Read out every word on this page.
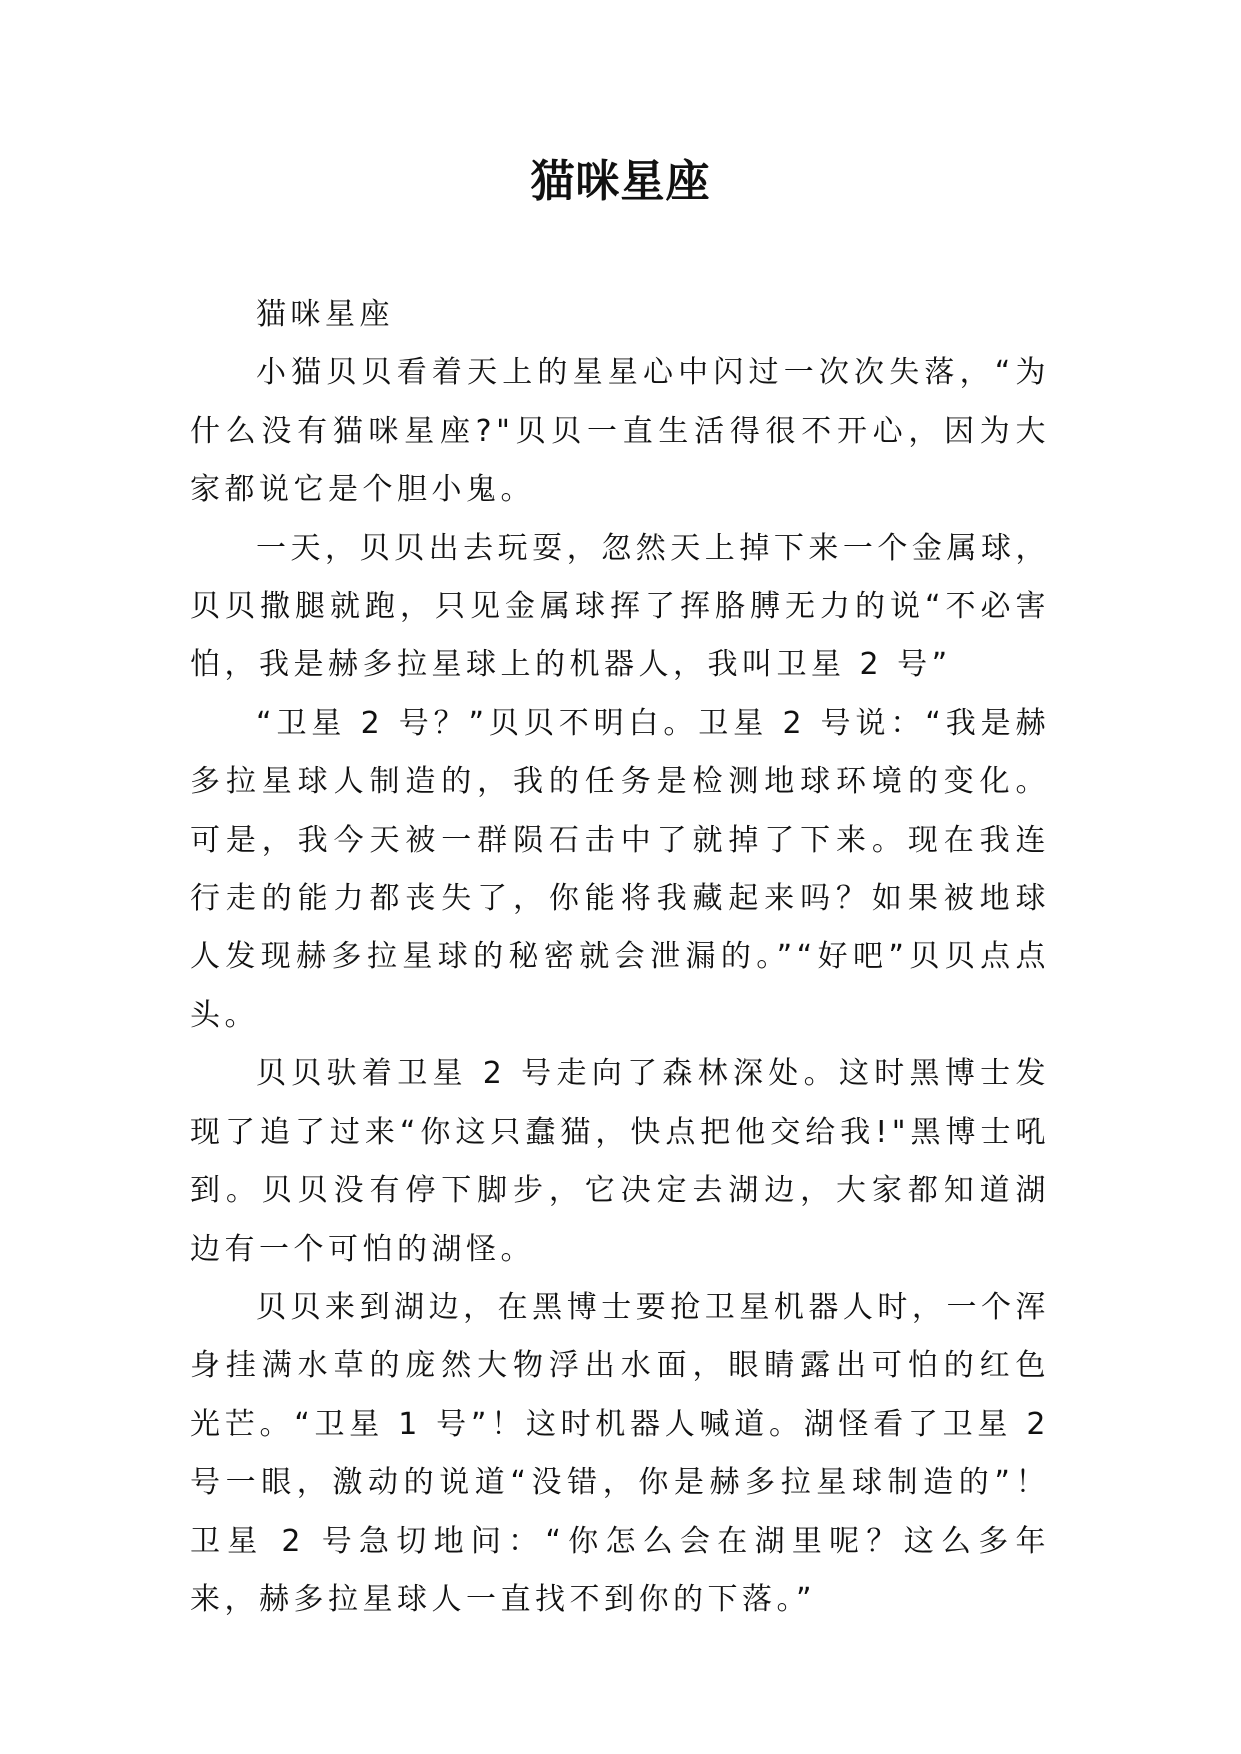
猫咪星座

猫咪星座

小猫贝贝看着天上的星星心中闪过一次次失落，“为什么没有猫咪星座?"贝贝一直生活得很不开心，因为大家都说它是个胆小鬼。

一天，贝贝出去玩耍，忽然天上掉下来一个金属球，贝贝撒腿就跑，只见金属球挥了挥胳膊无力的说“不必害怕，我是赫多拉星球上的机器人，我叫卫星 2 号”

“卫星 2 号？”贝贝不明白。卫星 2 号说：“我是赫多拉星球人制造的，我的任务是检测地球环境的变化。可是，我今天被一群陨石击中了就掉了下来。现在我连行走的能力都丧失了，你能将我藏起来吗？如果被地球人发现赫多拉星球的秘密就会泄漏的。”“好吧”贝贝点点头。

贝贝驮着卫星 2 号走向了森林深处。这时黑博士发现了追了过来“你这只蠢猫，快点把他交给我!"黑博士吼到。贝贝没有停下脚步，它决定去湖边，大家都知道湖边有一个可怕的湖怪。

贝贝来到湖边，在黑博士要抢卫星机器人时，一个浑身挂满水草的庞然大物浮出水面，眼睛露出可怕的红色光芒。“卫星 1 号”！这时机器人喊道。湖怪看了卫星 2 号一眼，激动的说道“没错，你是赫多拉星球制造的”！卫星 2 号急切地问：“你怎么会在湖里呢？这么多年来，赫多拉星球人一直找不到你的下落。”
